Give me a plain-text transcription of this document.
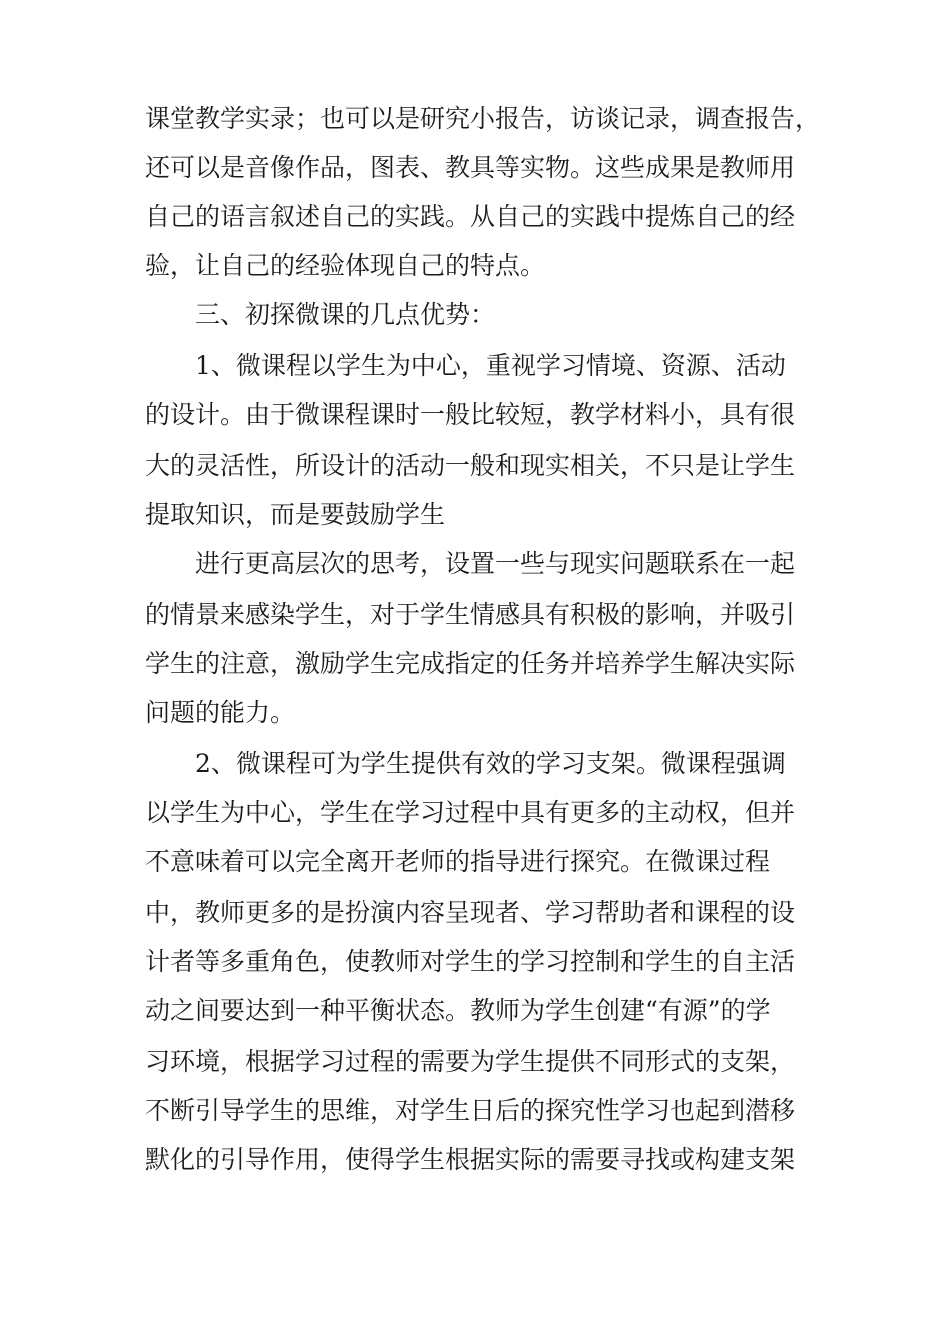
课堂教学实录；也可以是研究小报告，访谈记录，调查报告，
还可以是音像作品，图表、教具等实物。这些成果是教师用
自己的语言叙述自己的实践。从自己的实践中提炼自己的经
验，让自己的经验体现自己的特点。
三、初探微课的几点优势：
1、微课程以学生为中心，重视学习情境、资源、活动
的设计。由于微课程课时一般比较短，教学材料小，具有很
大的灵活性，所设计的活动一般和现实相关，不只是让学生
提取知识，而是要鼓励学生
进行更高层次的思考，设置一些与现实问题联系在一起
的情景来感染学生，对于学生情感具有积极的影响，并吸引
学生的注意，激励学生完成指定的任务并培养学生解决实际
问题的能力。
2、微课程可为学生提供有效的学习支架。微课程强调
以学生为中心，学生在学习过程中具有更多的主动权，但并
不意味着可以完全离开老师的指导进行探究。在微课过程
中，教师更多的是扮演内容呈现者、学习帮助者和课程的设
计者等多重角色，使教师对学生的学习控制和学生的自主活
动之间要达到一种平衡状态。教师为学生创建“有源”的学
习环境，根据学习过程的需要为学生提供不同形式的支架，
不断引导学生的思维，对学生日后的探究性学习也起到潜移
默化的引导作用，使得学生根据实际的需要寻找或构建支架
